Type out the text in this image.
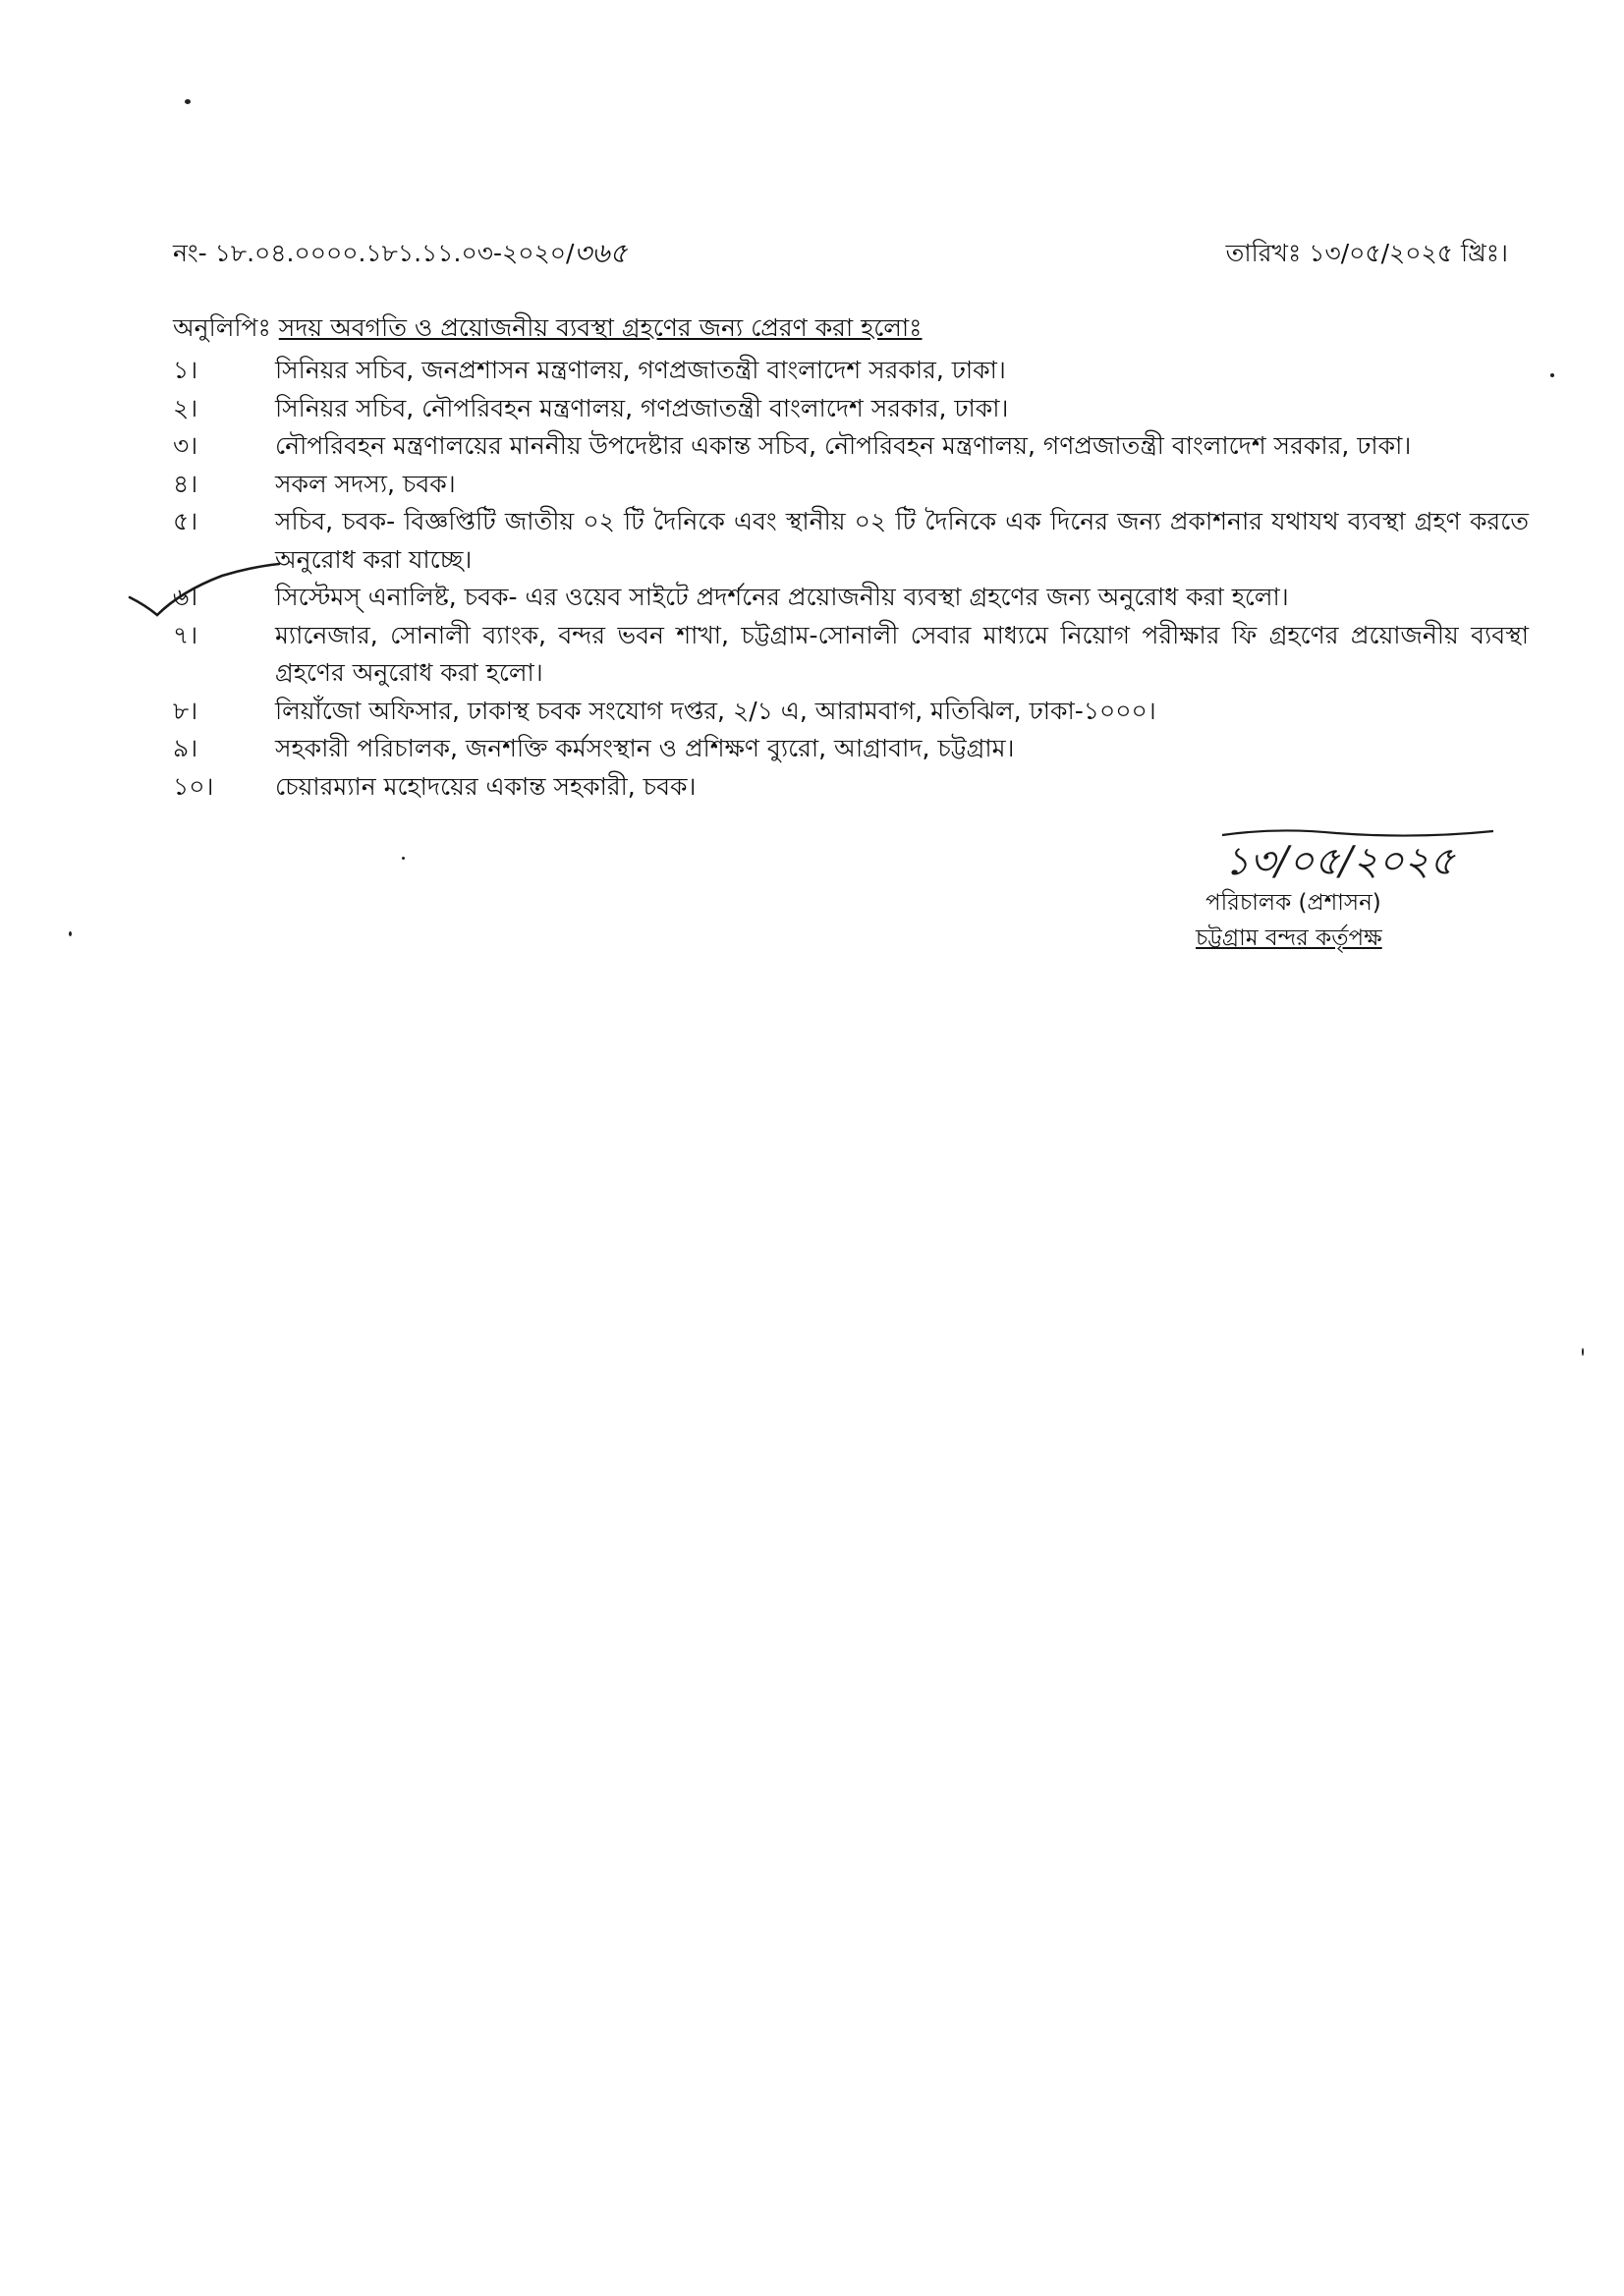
নং- ১৮.০৪.০০০০.১৮১.১১.০৩-২০২০/ ৩৬৫	তারিখঃ ১৩/০৫/২০২৫ খ্রিঃ।
অনুলিপিঃ সদয় অবগতি ও প্রয়োজনীয় ব্যবস্থা গ্রহণের জন্য প্রেরণ করা হলোঃ
১।	সিনিয়র সচিব, জনপ্রশাসন মন্ত্রণালয়, গণপ্রজাতন্ত্রী বাংলাদেশ সরকার, ঢাকা।
২।	সিনিয়র সচিব, নৌপরিবহন মন্ত্রণালয়, গণপ্রজাতন্ত্রী বাংলাদেশ সরকার, ঢাকা।
৩।	নৌপরিবহন মন্ত্রণালয়ের মাননীয় উপদেষ্টার একান্ত সচিব, নৌপরিবহন মন্ত্রণালয়, গণপ্রজাতন্ত্রী বাংলাদেশ সরকার, ঢাকা।
৪।	সকল সদস্য, চবক।
৫।	সচিব, চবক- বিজ্ঞপ্তিটি জাতীয় ০২ টি দৈনিকে এবং স্থানীয় ০২ টি দৈনিকে এক দিনের জন্য প্রকাশনার যথাযথ ব্যবস্থা গ্রহণ করতে অনুরোধ করা যাচ্ছে।
৬।	সিস্টেমস্ এনালিষ্ট, চবক- এর ওয়েব সাইটে প্রদর্শনের প্রয়োজনীয় ব্যবস্থা গ্রহণের জন্য অনুরোধ করা হলো।
৭।	ম্যানেজার, সোনালী ব্যাংক, বন্দর ভবন শাখা, চট্টগ্রাম-সোনালী সেবার মাধ্যমে নিয়োগ পরীক্ষার ফি গ্রহণের প্রয়োজনীয় ব্যবস্থা গ্রহণের অনুরোধ করা হলো।
৮।	লিয়াঁজো অফিসার, ঢাকাস্থ চবক সংযোগ দপ্তর, ২/১ এ, আরামবাগ, মতিঝিল, ঢাকা-১০০০।
৯।	সহকারী পরিচালক, জনশক্তি কর্মসংস্থান ও প্রশিক্ষণ ব্যুরো, আগ্রাবাদ, চট্টগ্রাম।
১০।	চেয়ারম্যান মহোদয়ের একান্ত সহকারী, চবক।
১৩/০৫/২০২৫
পরিচালক (প্রশাসন)
চট্টগ্রাম বন্দর কর্তৃপক্ষ
